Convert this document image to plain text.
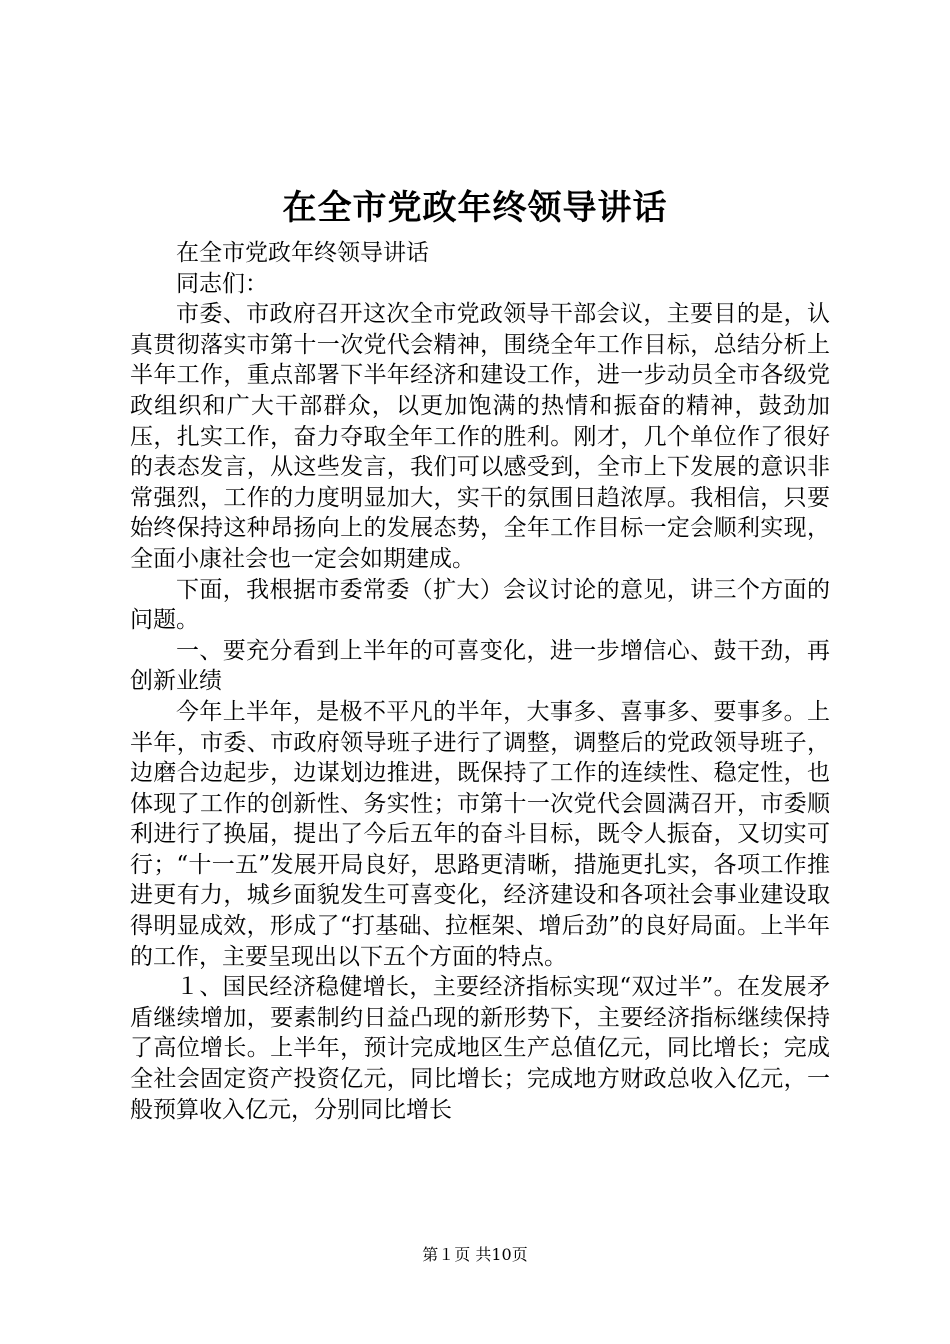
在全市党政年终领导讲话

在全市党政年终领导讲话

同志们：

市委、市政府召开这次全市党政领导干部会议，主要目的是，认真贯彻落实市第十一次党代会精神，围绕全年工作目标，总结分析上半年工作，重点部署下半年经济和建设工作，进一步动员全市各级党政组织和广大干部群众，以更加饱满的热情和振奋的精神，鼓劲加压，扎实工作，奋力夺取全年工作的胜利。刚才，几个单位作了很好的表态发言，从这些发言，我们可以感受到，全市上下发展的意识非常强烈，工作的力度明显加大，实干的氛围日趋浓厚。我相信，只要始终保持这种昂扬向上的发展态势，全年工作目标一定会顺利实现，全面小康社会也一定会如期建成。

下面，我根据市委常委（扩大）会议讨论的意见，讲三个方面的问题。

一、要充分看到上半年的可喜变化，进一步增信心、鼓干劲，再创新业绩

今年上半年，是极不平凡的半年，大事多、喜事多、要事多。上半年，市委、市政府领导班子进行了调整，调整后的党政领导班子，边磨合边起步，边谋划边推进，既保持了工作的连续性、稳定性，也体现了工作的创新性、务实性；市第十一次党代会圆满召开，市委顺利进行了换届，提出了今后五年的奋斗目标，既令人振奋，又切实可行；“十一五”发展开局良好，思路更清晰，措施更扎实，各项工作推进更有力，城乡面貌发生可喜变化，经济建设和各项社会事业建设取得明显成效，形成了“打基础、拉框架、增后劲”的良好局面。上半年的工作，主要呈现出以下五个方面的特点。

１、国民经济稳健增长，主要经济指标实现“双过半”。在发展矛盾继续增加，要素制约日益凸现的新形势下，主要经济指标继续保持了高位增长。上半年，预计完成地区生产总值亿元，同比增长；完成全社会固定资产投资亿元，同比增长；完成地方财政总收入亿元，一般预算收入亿元，分别同比增长

第１页 共10页
